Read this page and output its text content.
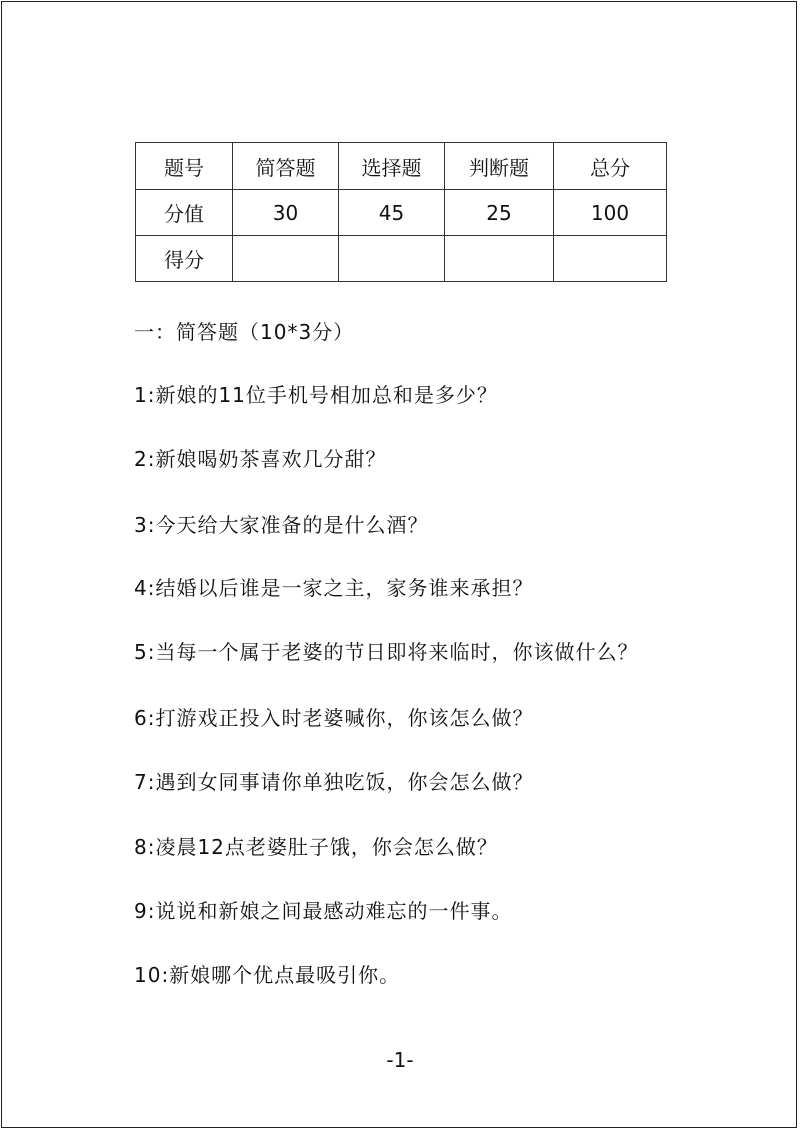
题号	简答题	选择题	判断题	总分
分值	30	45	25	100
得分				
一：简答题（10*3分）
1:新娘的11位手机号相加总和是多少？
2:新娘喝奶茶喜欢几分甜？
3:今天给大家准备的是什么酒？
4:结婚以后谁是一家之主，家务谁来承担？
5:当每一个属于老婆的节日即将来临时，你该做什么？
6:打游戏正投入时老婆喊你，你该怎么做？
7:遇到女同事请你单独吃饭，你会怎么做？
8:凌晨12点老婆肚子饿，你会怎么做？
9:说说和新娘之间最感动难忘的一件事。
10:新娘哪个优点最吸引你。
-1-
